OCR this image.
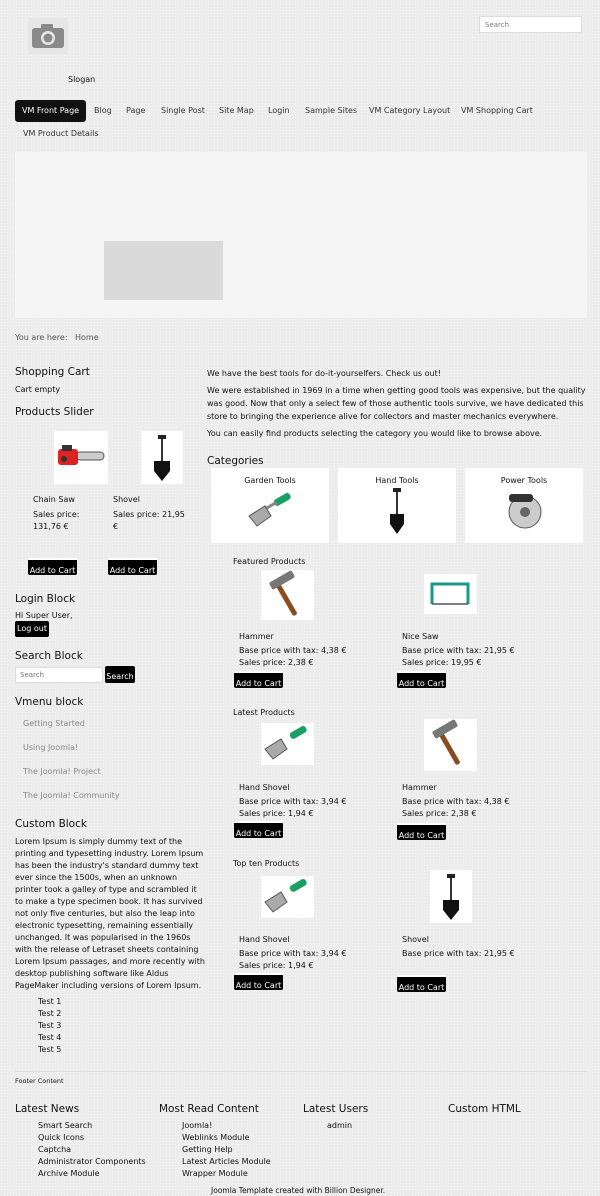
Slogan
Search
VM Front Page	Blog Page Single Post Site Map Login Sample Sites VM Category Layout VM Shopping Cart
VM Product Details
You are here: Home
Shopping Cart
Cart empty
Products Slider
Chain Saw
Sales price:
131,76 €
Shovel
Sales price: 21,95
€
Add to Cart	Add to Cart
Login Block
Hi Super User,
Log out
Search Block
Search
Search
Vmenu block
Getting Started
Using Joomla!
The Joomla! Project
The Joomla! Community
Custom Block
Lorem Ipsum is simply dummy text of the printing and typesetting industry. Lorem Ipsum has been the industry's standard dummy text ever since the 1500s, when an unknown printer took a galley of type and scrambled it to make a type specimen book. It has survived not only five centuries, but also the leap into electronic typesetting, remaining essentially unchanged. It was popularised in the 1960s with the release of Letraset sheets containing Lorem Ipsum passages, and more recently with desktop publishing software like Aldus PageMaker including versions of Lorem Ipsum.
Test 1
Test 2
Test 3
Test 4
Test 5
We have the best tools for do-it-yourselfers. Check us out!
We were established in 1969 in a time when getting good tools was expensive, but the quality was good. Now that only a select few of those authentic tools survive, we have dedicated this store to bringing the experience alive for collectors and master mechanics everywhere.
You can easily find products selecting the category you would like to browse above.
Categories
Garden Tools	Hand Tools	Power Tools
Featured Products
Hammer
Base price with tax: 4,38 €
Sales price: 2,38 €
Nice Saw
Base price with tax: 21,95 €
Sales price: 19,95 €
Add to Cart	Add to Cart
Latest Products
Hand Shovel
Base price with tax: 3,94 €
Sales price: 1,94 €
Hammer
Base price with tax: 4,38 €
Sales price: 2,38 €
Add to Cart	Add to Cart
Top ten Products
Hand Shovel
Base price with tax: 3,94 €
Sales price: 1,94 €
Shovel
Base price with tax: 21,95 €
Add to Cart	Add to Cart
Footer Content
Latest News
Smart Search
Quick Icons
Captcha
Administrator Components
Archive Module
Most Read Content
Joomla!
Weblinks Module
Getting Help
Latest Articles Module
Wrapper Module
Latest Users
admin
Custom HTML
Joomla Template created with Billion Designer.
